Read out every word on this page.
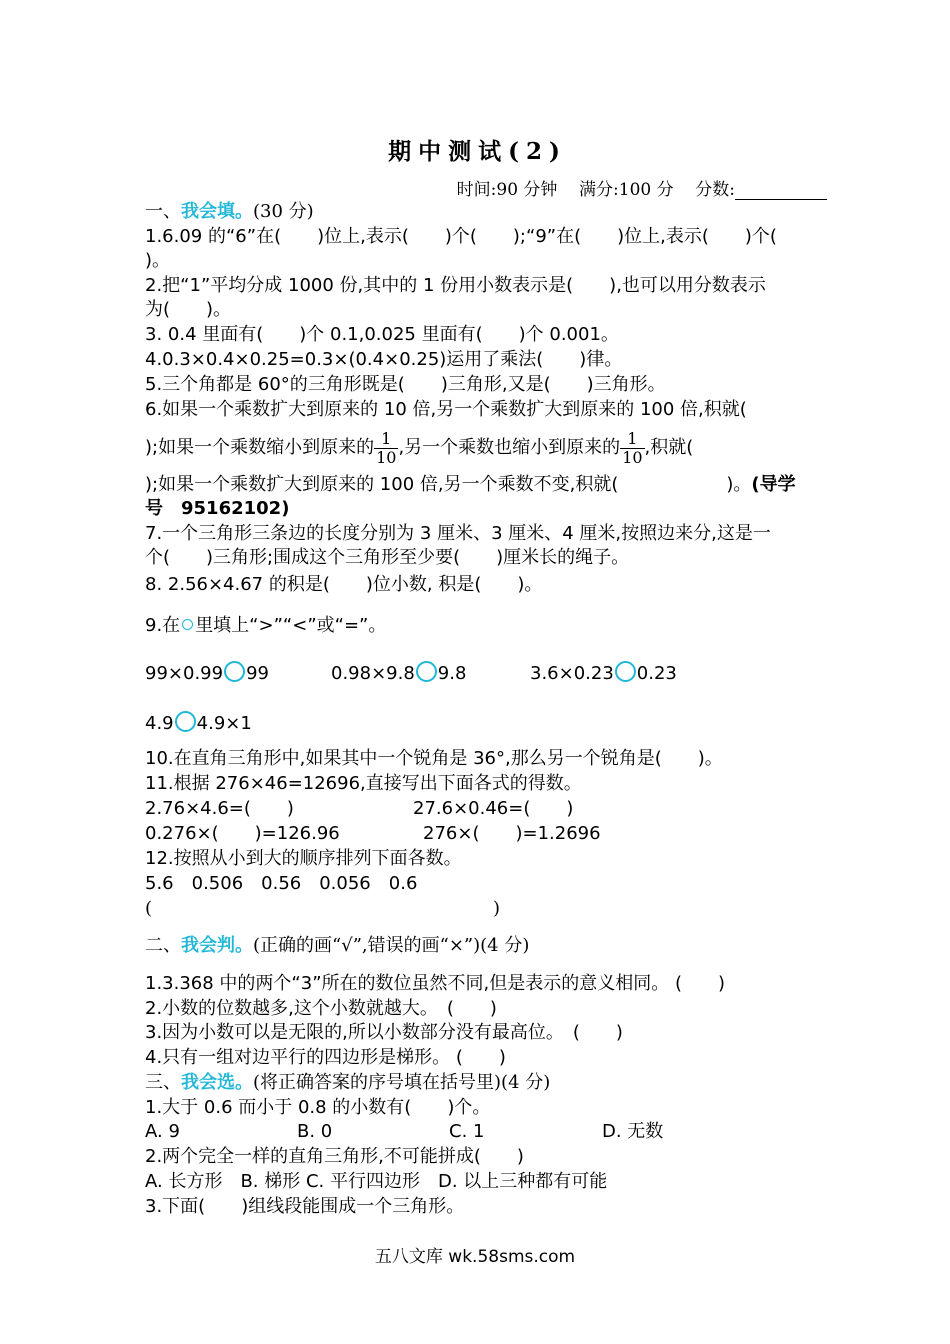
期中测试(2)
时间:90 分钟 满分:100 分 分数:
一、我会填。(30 分)
1.6.09 的“6”在(　　)位上,表示(　　)个(　　);“9”在(　　)位上,表示(　　)个(
)。
2.把“1”平均分成 1000 份,其中的 1 份用小数表示是(　　),也可以用分数表示
为(　　)。
3. 0.4 里面有(　　)个 0.1,0.025 里面有(　　)个 0.001。
4.0.3×0.4×0.25=0.3×(0.4×0.25)运用了乘法(　　)律。
5.三个角都是 60°的三角形既是(　　)三角形,又是(　　)三角形。
6.如果一个乘数扩大到原来的 10 倍,另一个乘数扩大到原来的 100 倍,积就(
);如果一个乘数缩小到原来的 $\frac{1}{10}$ ,另一个乘数也缩小到原来的 $\frac{1}{10}$ ,积就(
);如果一个乘数扩大到原来的 100 倍,另一个乘数不变,积就(　　　　　　)。(导学
号　95162102)
7.一个三角形三条边的长度分别为 3 厘米、3 厘米、4 厘米,按照边来分,这是一
个(　　)三角形;围成这个三角形至少要(　　)厘米长的绳子。
8. 2.56×4.67 的积是(　　)位小数, 积是(　　)。
9.在 里填上“>”“<”或“=”。
99×0.99 99	0.98×9.8 9.8	3.6×0.23 0.23
4.9 4.9×1
10.在直角三角形中,如果其中一个锐角是 36°,那么另一个锐角是(　　)。
11.根据 276×46=12696,直接写出下面各式的得数。
2.76×4.6=(　　)	27.6×0.46=(　　)
0.276×(　　)=126.96	276×(　　)=1.2696
12.按照从小到大的顺序排列下面各数。
5.6　0.506　0.56　0.056　0.6
(	)
二、我会判。(正确的画“√”,错误的画“×”)(4 分)
1.3.368 中的两个“3”所在的数位虽然不同,但是表示的意义相同。 (　　)
2.小数的位数越多,这个小数就越大。　(　　)
3.因为小数可以是无限的,所以小数部分没有最高位。　(　　)
4.只有一组对边平行的四边形是梯形。 (　　)
三、我会选。(将正确答案的序号填在括号里)(4 分)
1.大于 0.6 而小于 0.8 的小数有(　　)个。
A. 9	B. 0	C. 1	D. 无数
2.两个完全一样的直角三角形,不可能拼成(　　)
A. 长方形　B. 梯形 C. 平行四边形　D. 以上三种都有可能
3.下面(　　)组线段能围成一个三角形。
五八文库 wk.58sms.com
